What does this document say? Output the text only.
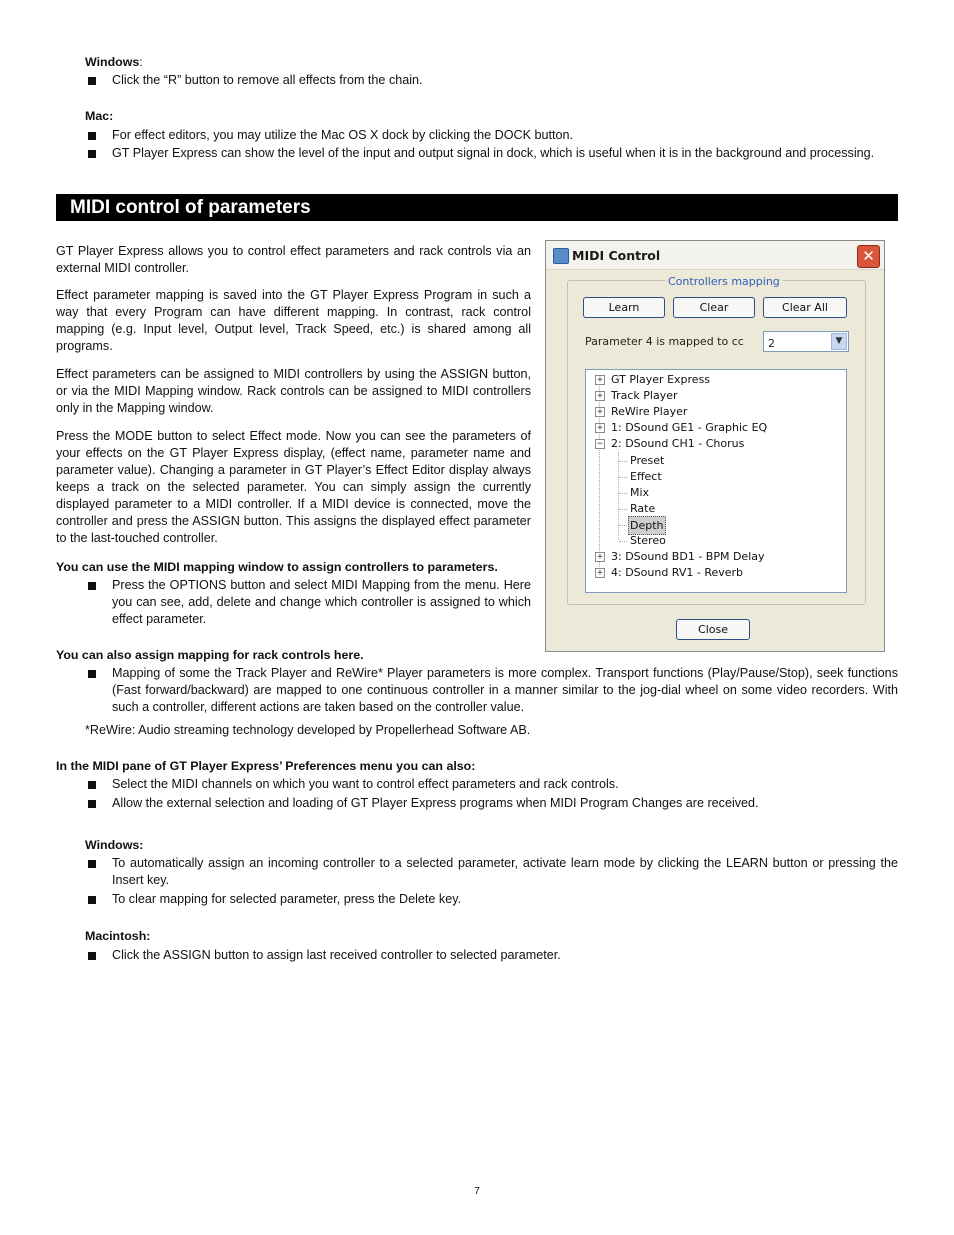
Windows:
Click the “R” button to remove all effects from the chain.
Mac:
For effect editors, you may utilize the Mac OS X dock by clicking the DOCK button.
GT Player Express can show the level of the input and output signal in dock, which is useful when it is in the background and processing.
MIDI control of parameters
GT Player Express allows you to control effect parameters and rack controls via an external MIDI controller.
Effect parameter mapping is saved into the GT Player Express Program in such a way that every Program can have different mapping. In contrast, rack control mapping (e.g. Input level, Output level, Track Speed, etc.) is shared among all programs.
Effect parameters can be assigned to MIDI controllers by using the ASSIGN button, or via the MIDI Mapping window. Rack controls can be assigned to MIDI controllers only in the Mapping window.
Press the MODE button to select Effect mode. Now you can see the parameters of your effects on the GT Player Express display, (effect name, parameter name and parameter value). Changing a parameter in GT Player’s Effect Editor display always keeps a track on the selected parameter. You can simply assign the currently displayed parameter to a MIDI controller. If a MIDI device is connected, move the controller and press the ASSIGN button. This assigns the displayed effect parameter to the last-touched controller.
You can use the MIDI mapping window to assign controllers to parameters.
Press the OPTIONS button and select MIDI Mapping from the menu. Here you can see, add, delete and change which controller is assigned to which effect parameter.
MIDI Control	✕
Controllers mapping
Learn	Clear	Clear All
Parameter 4 is mapped to cc 2	▼
+ GT Player Express
+ Track Player
+ ReWire Player
+ 1: DSound GE1 - Graphic EQ
− 2: DSound CH1 - Chorus
Preset
Effect
Mix
Rate
Depth
Stereo
+ 3: DSound BD1 - BPM Delay
+ 4: DSound RV1 - Reverb
Close
You can also assign mapping for rack controls here.
Mapping of some the Track Player and ReWire* Player parameters is more complex. Transport functions (Play/Pause/Stop), seek functions (Fast forward/backward) are mapped to one continuous controller in a manner similar to the jog-dial wheel on some video recorders. With such a controller, different actions are taken based on the controller value.
*ReWire: Audio streaming technology developed by Propellerhead Software AB.
In the MIDI pane of GT Player Express’ Preferences menu you can also:
Select the MIDI channels on which you want to control effect parameters and rack controls.
Allow the external selection and loading of GT Player Express programs when MIDI Program Changes are received.
Windows:
To automatically assign an incoming controller to a selected parameter, activate learn mode by clicking the LEARN button or pressing the Insert key.
To clear mapping for selected parameter, press the Delete key.
Macintosh:
Click the ASSIGN button to assign last received controller to selected parameter.
7
